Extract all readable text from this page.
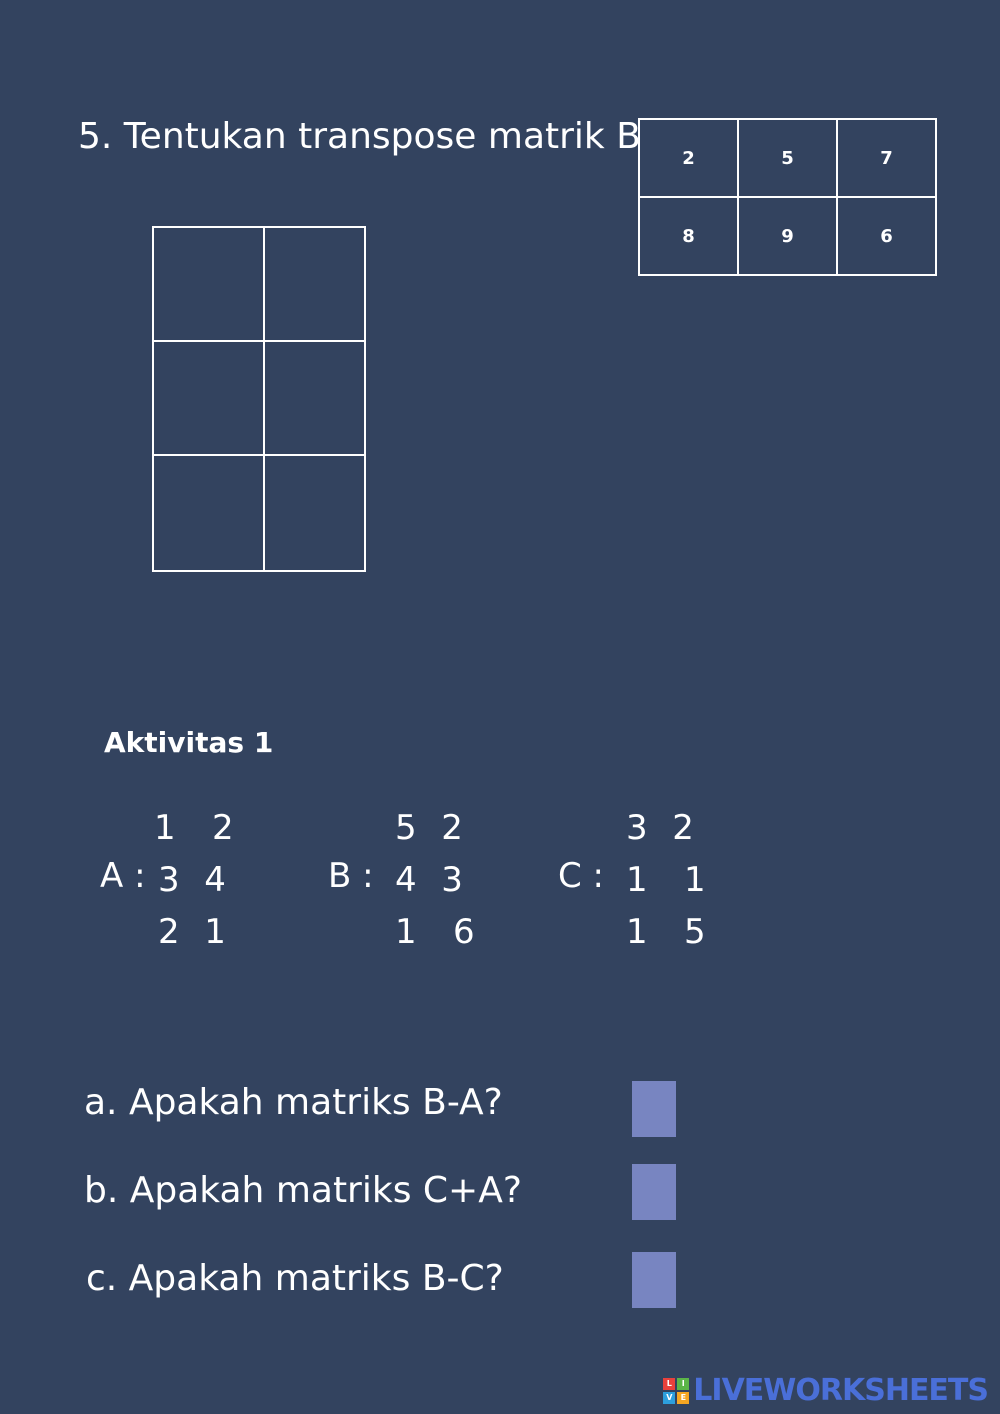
5. Tentukan transpose matrik B
2	5	7
8	9	6
Aktivitas 1
A :
1   2
3  4
2  1
B :
5  2
4  3
1   6
C :
3  2
1   1
1   5
a. Apakah matriks B-A?
b. Apakah matriks C+A?
c. Apakah matriks B-C?
L	I
V	E LIVEWORKSHEETS
